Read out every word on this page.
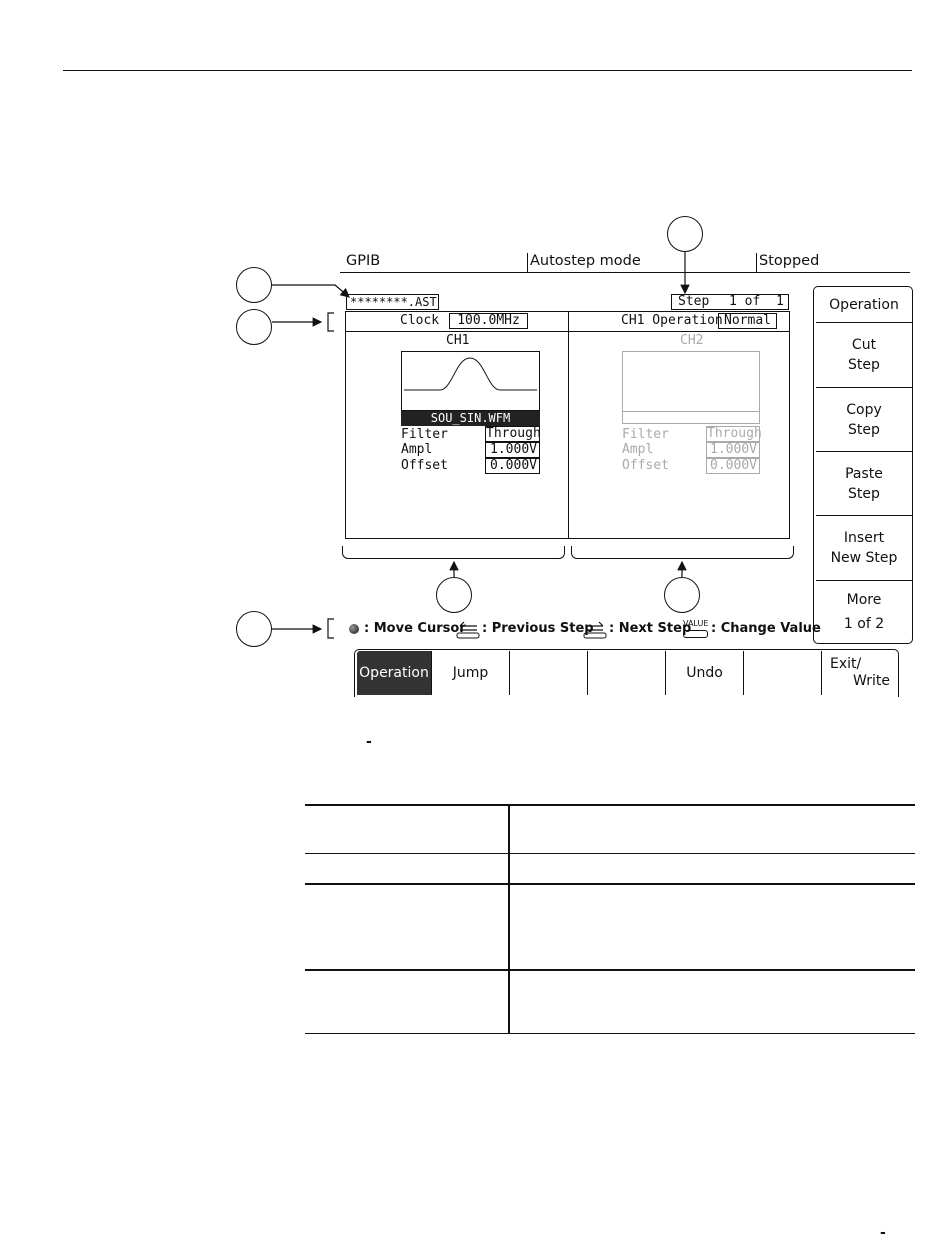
GPIB	Autostep mode	Stopped
********.AST	Step 1 of 1
Clock	100.0MHz	CH1 Operation Normal
CH1
SOU_SIN.WFM
Filter	Through
Ampl	1.000V
Offset	0.000V
CH2
Filter	Through
Ampl	1.000V
Offset	0.000V
Operation
Cut
Step
Copy
Step
Paste
Step
Insert
New Step
More
1 of 2
: Move Cursor : Previous Step : Next Step
VALUE : Change Value
Operation Jump	Undo
Exit/
Write
-
-
